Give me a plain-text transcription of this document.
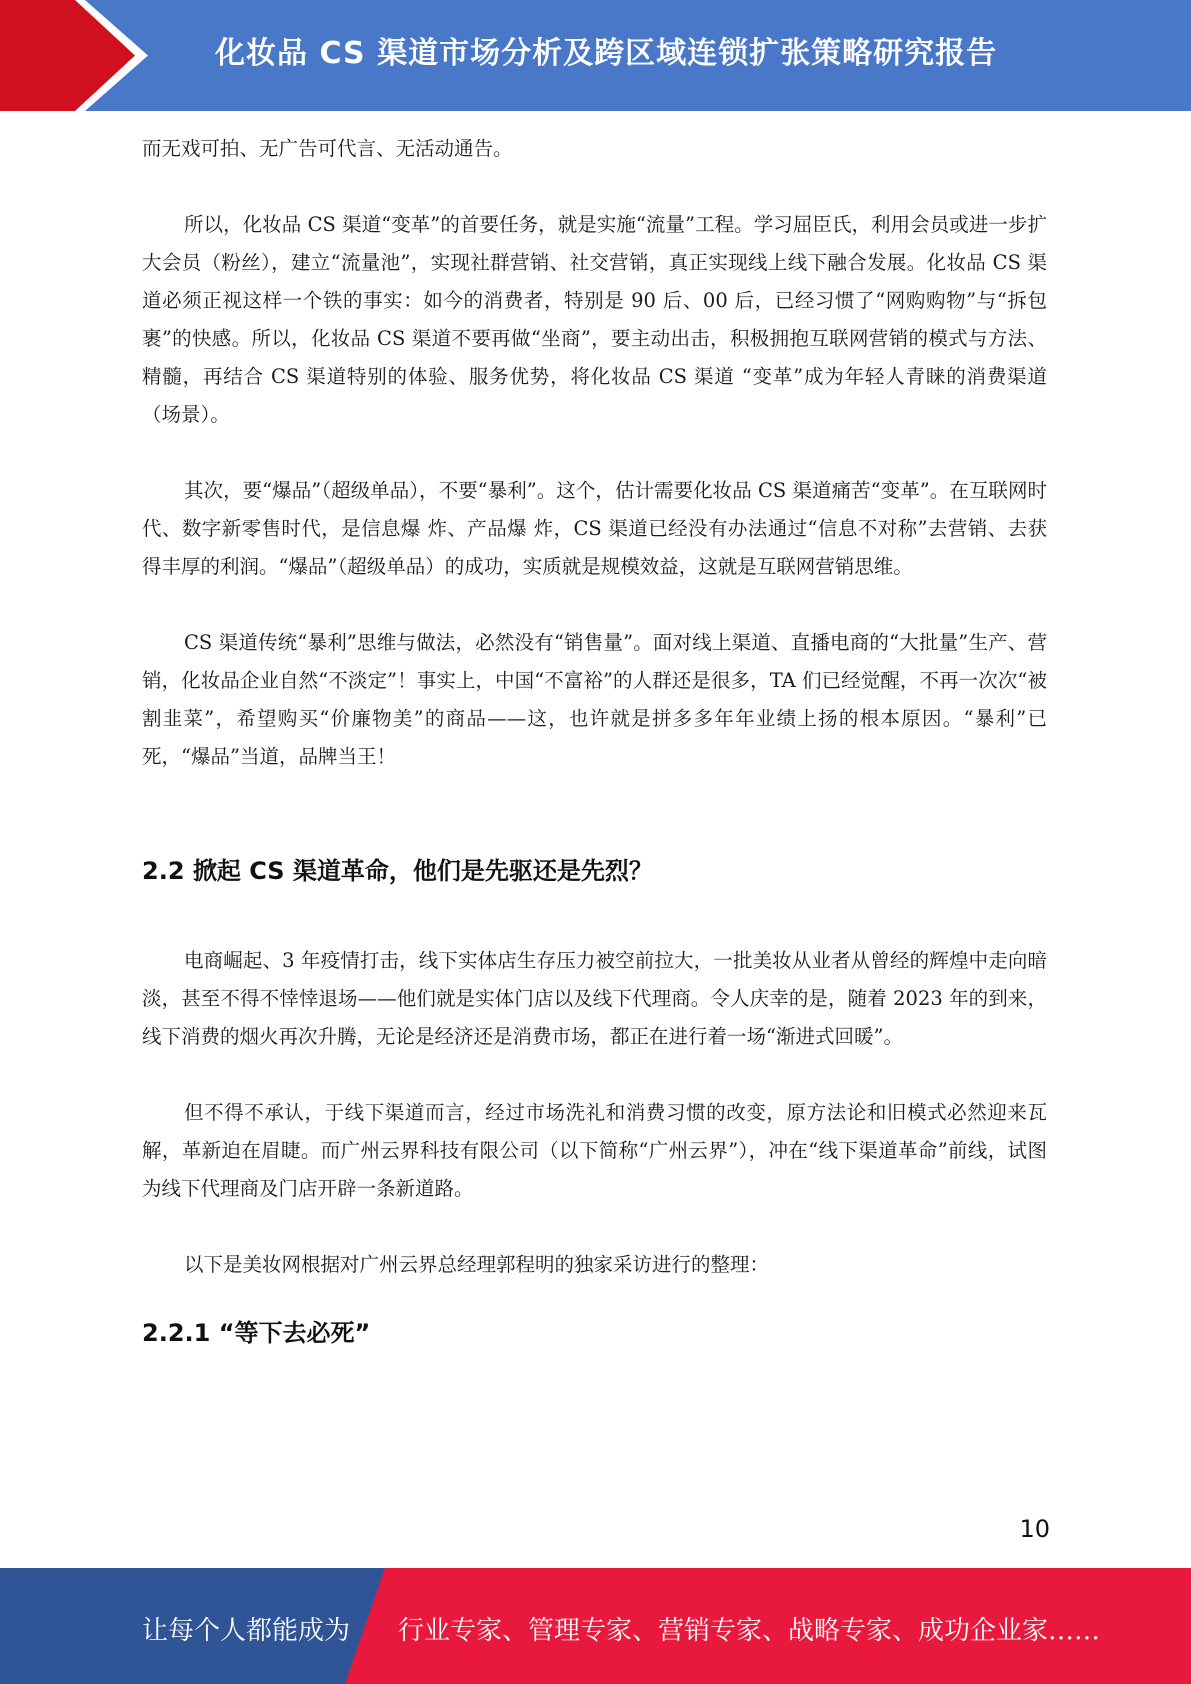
化妆品 CS 渠道市场分析及跨区域连锁扩张策略研究报告

而无戏可拍、无广告可代言、无活动通告。

所以，化妆品 CS 渠道“变革”的首要任务，就是实施“流量”工程。学习屈臣氏，利用会员或进一步扩大会员（粉丝），建立“流量池”，实现社群营销、社交营销，真正实现线上线下融合发展。化妆品 CS 渠道必须正视这样一个铁的事实：如今的消费者，特别是 90 后、00 后，已经习惯了“网购购物”与“拆包裹”的快感。所以，化妆品 CS 渠道不要再做“坐商”，要主动出击，积极拥抱互联网营销的模式与方法、精髓，再结合 CS 渠道特别的体验、服务优势，将化妆品 CS 渠道 “变革”成为年轻人青睐的消费渠道（场景）。

其次，要“爆品”（超级单品），不要“暴利”。这个，估计需要化妆品 CS 渠道痛苦“变革”。在互联网时代、数字新零售时代，是信息爆 炸、产品爆 炸，CS 渠道已经没有办法通过“信息不对称”去营销、去获得丰厚的利润。“爆品”（超级单品）的成功，实质就是规模效益，这就是互联网营销思维。

CS 渠道传统“暴利”思维与做法，必然没有“销售量”。面对线上渠道、直播电商的“大批量”生产、营销，化妆品企业自然“不淡定”！事实上，中国“不富裕”的人群还是很多，TA 们已经觉醒，不再一次次“被割韭菜”，希望购买“价廉物美”的商品——这，也许就是拼多多年年业绩上扬的根本原因。“暴利”已死，“爆品”当道，品牌当王！

2.2 掀起 CS 渠道革命，他们是先驱还是先烈？

电商崛起、3 年疫情打击，线下实体店生存压力被空前拉大，一批美妆从业者从曾经的辉煌中走向暗淡，甚至不得不悻悻退场——他们就是实体门店以及线下代理商。令人庆幸的是，随着 2023 年的到来，线下消费的烟火再次升腾，无论是经济还是消费市场，都正在进行着一场“渐进式回暖”。

但不得不承认，于线下渠道而言，经过市场洗礼和消费习惯的改变，原方法论和旧模式必然迎来瓦解，革新迫在眉睫。而广州云界科技有限公司（以下简称“广州云界”），冲在“线下渠道革命”前线，试图为线下代理商及门店开辟一条新道路。

以下是美妆网根据对广州云界总经理郭程明的独家采访进行的整理：

2.2.1 “等下去必死”
10
让每个人都能成为 行业专家、管理专家、营销专家、战略专家、成功企业家……
